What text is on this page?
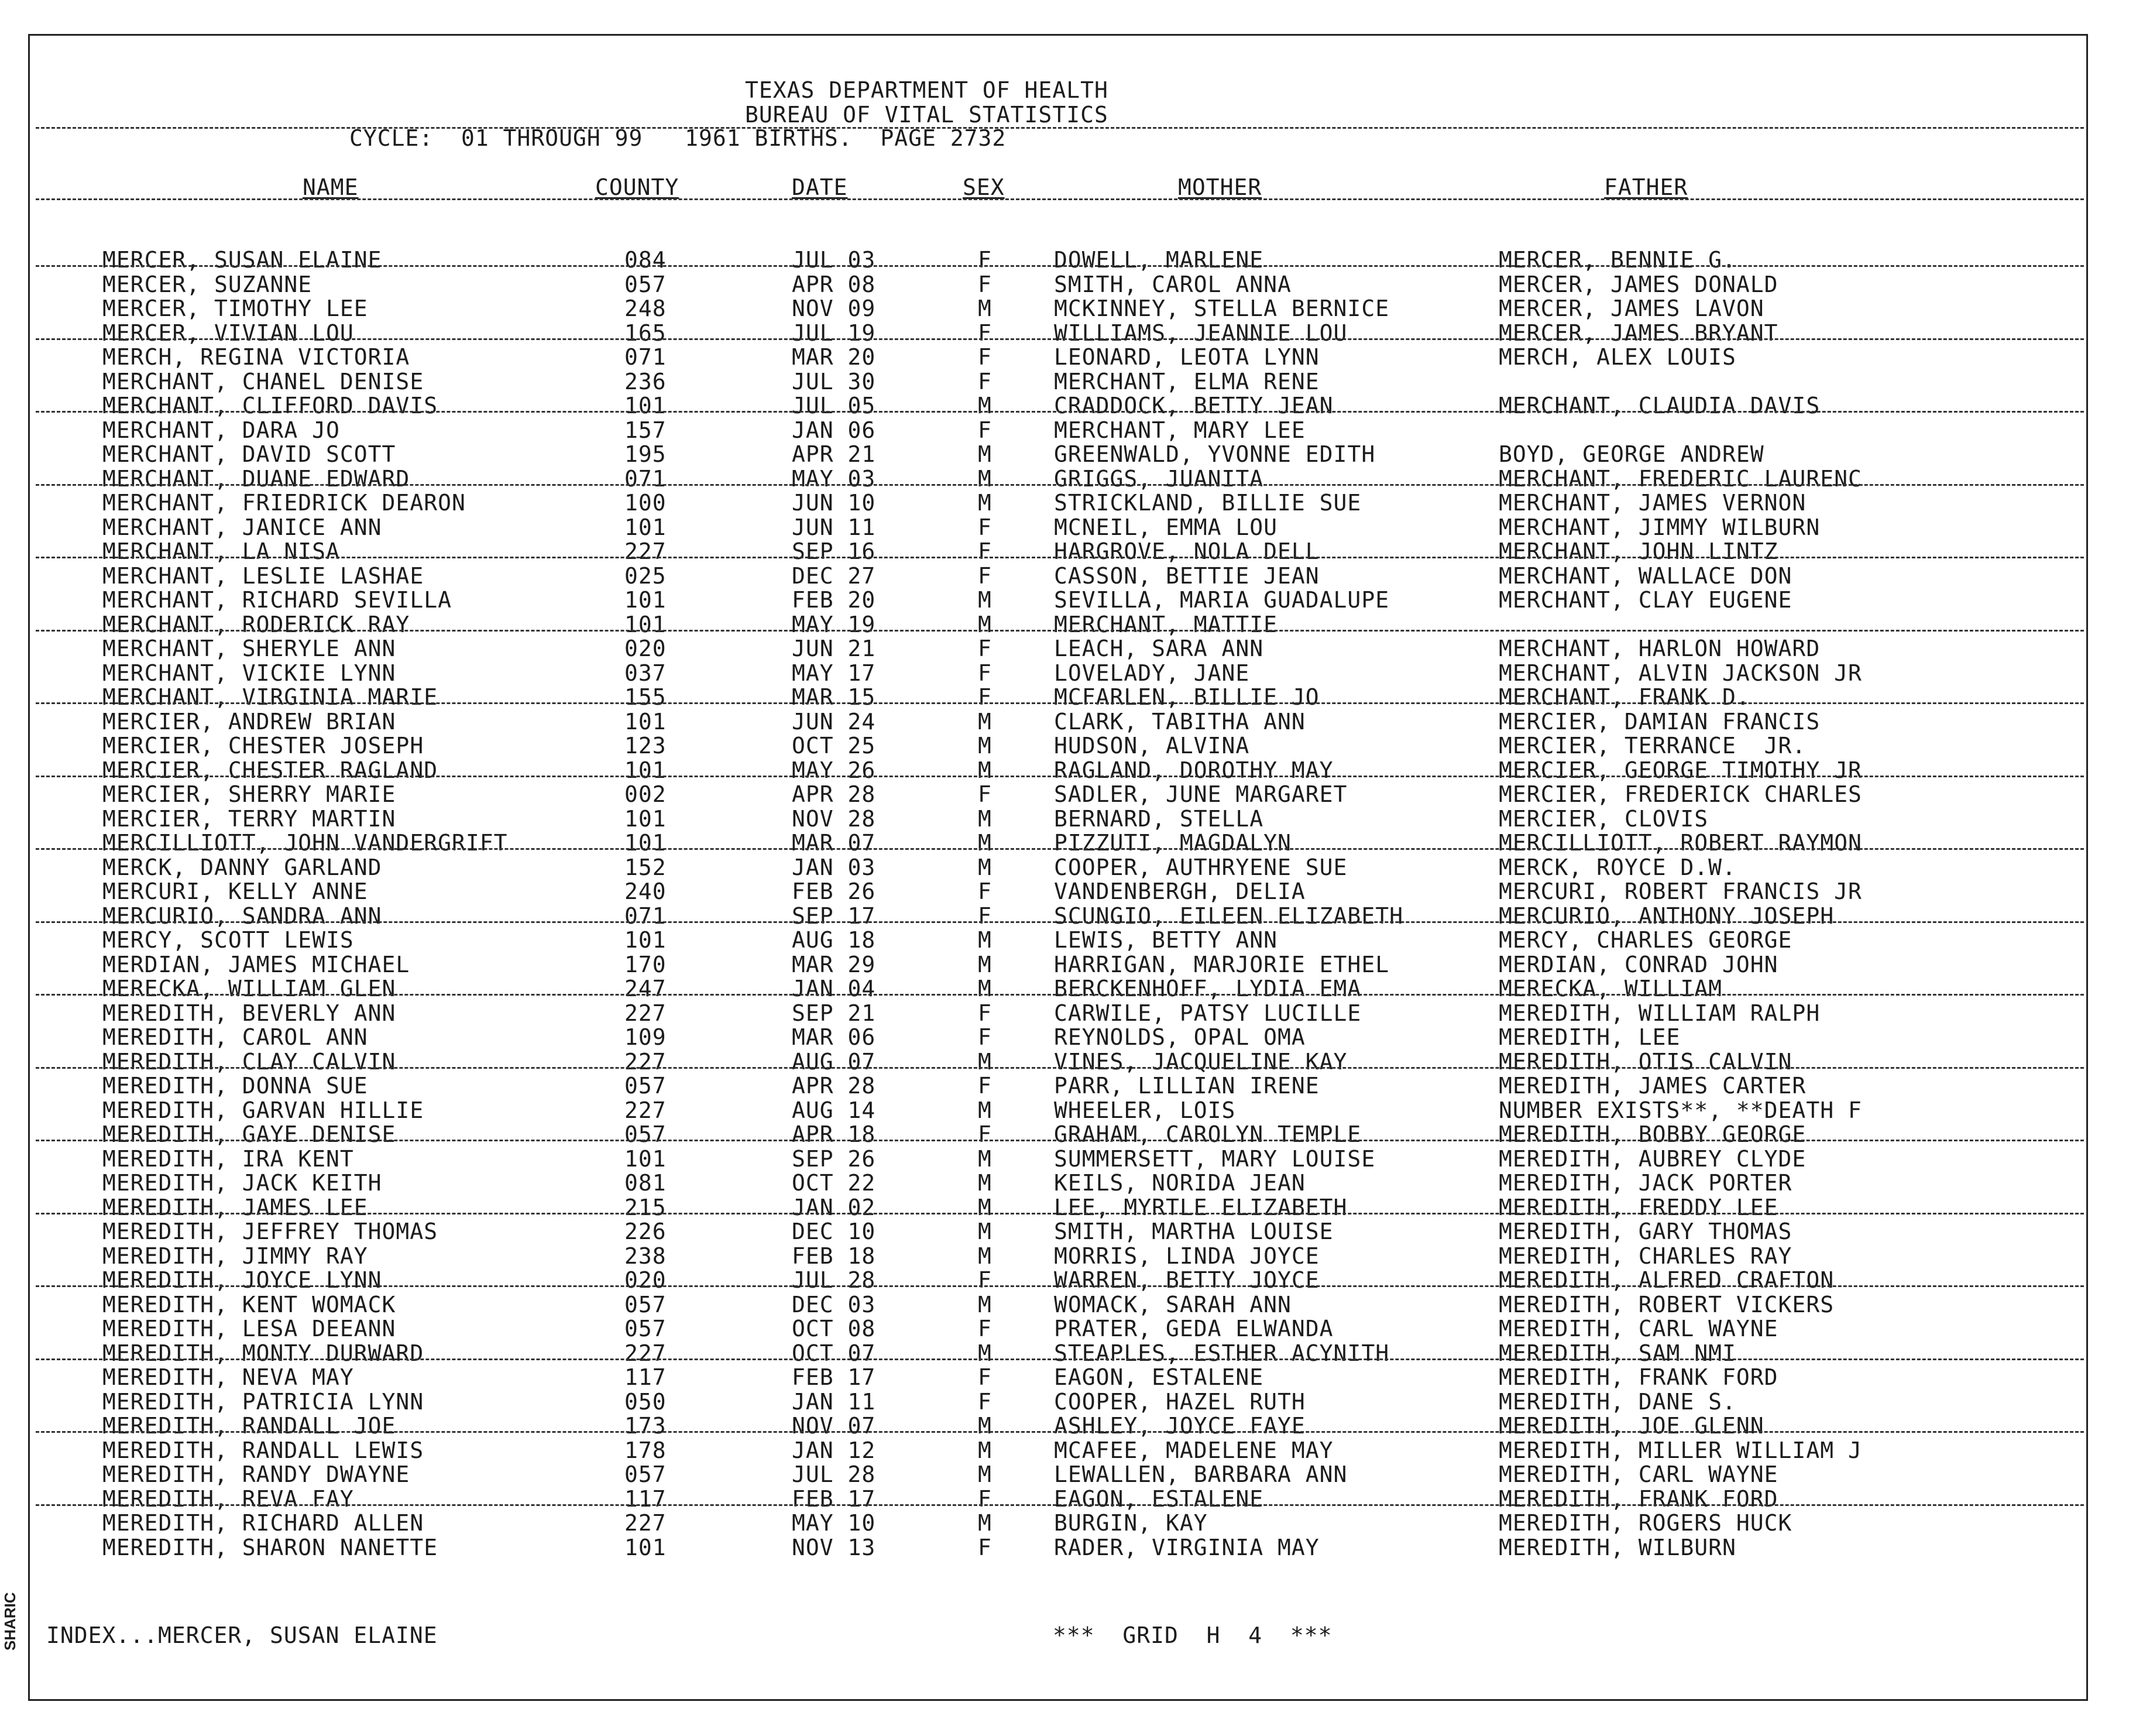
TEXAS DEPARTMENT OF HEALTH
BUREAU OF VITAL STATISTICS
CYCLE:  01 THROUGH 99   1961 BIRTHS.  PAGE 2732
NAME	COUNTY	DATE	SEX	MOTHER	FATHER
MERCER, SUSAN ELAINE	084	JUL 03	F	DOWELL, MARLENE	MERCER, BENNIE G.
MERCER, SUZANNE	057	APR 08	F	SMITH, CAROL ANNA	MERCER, JAMES DONALD
MERCER, TIMOTHY LEE	248	NOV 09	M	MCKINNEY, STELLA BERNICE	MERCER, JAMES LAVON
MERCER, VIVIAN LOU	165	JUL 19	F	WILLIAMS, JEANNIE LOU	MERCER, JAMES BRYANT
MERCH, REGINA VICTORIA	071	MAR 20	F	LEONARD, LEOTA LYNN	MERCH, ALEX LOUIS
MERCHANT, CHANEL DENISE	236	JUL 30	F	MERCHANT, ELMA RENE
MERCHANT, CLIFFORD DAVIS	101	JUL 05	M	CRADDOCK, BETTY JEAN	MERCHANT, CLAUDIA DAVIS
MERCHANT, DARA JO	157	JAN 06	F	MERCHANT, MARY LEE
MERCHANT, DAVID SCOTT	195	APR 21	M	GREENWALD, YVONNE EDITH	BOYD, GEORGE ANDREW
MERCHANT, DUANE EDWARD	071	MAY 03	M	GRIGGS, JUANITA	MERCHANT, FREDERIC LAURENC
MERCHANT, FRIEDRICK DEARON	100	JUN 10	M	STRICKLAND, BILLIE SUE	MERCHANT, JAMES VERNON
MERCHANT, JANICE ANN	101	JUN 11	F	MCNEIL, EMMA LOU	MERCHANT, JIMMY WILBURN
MERCHANT, LA NISA	227	SEP 16	F	HARGROVE, NOLA DELL	MERCHANT, JOHN LINTZ
MERCHANT, LESLIE LASHAE	025	DEC 27	F	CASSON, BETTIE JEAN	MERCHANT, WALLACE DON
MERCHANT, RICHARD SEVILLA	101	FEB 20	M	SEVILLA, MARIA GUADALUPE	MERCHANT, CLAY EUGENE
MERCHANT, RODERICK RAY	101	MAY 19	M	MERCHANT, MATTIE
MERCHANT, SHERYLE ANN	020	JUN 21	F	LEACH, SARA ANN	MERCHANT, HARLON HOWARD
MERCHANT, VICKIE LYNN	037	MAY 17	F	LOVELADY, JANE	MERCHANT, ALVIN JACKSON JR
MERCHANT, VIRGINIA MARIE	155	MAR 15	F	MCFARLEN, BILLIE JO	MERCHANT, FRANK D.
MERCIER, ANDREW BRIAN	101	JUN 24	M	CLARK, TABITHA ANN	MERCIER, DAMIAN FRANCIS
MERCIER, CHESTER JOSEPH	123	OCT 25	M	HUDSON, ALVINA	MERCIER, TERRANCE  JR.
MERCIER, CHESTER RAGLAND	101	MAY 26	M	RAGLAND, DOROTHY MAY	MERCIER, GEORGE TIMOTHY JR
MERCIER, SHERRY MARIE	002	APR 28	F	SADLER, JUNE MARGARET	MERCIER, FREDERICK CHARLES
MERCIER, TERRY MARTIN	101	NOV 28	M	BERNARD, STELLA	MERCIER, CLOVIS
MERCILLIOTT, JOHN VANDERGRIFT	101	MAR 07	M	PIZZUTI, MAGDALYN	MERCILLIOTT, ROBERT RAYMON
MERCK, DANNY GARLAND	152	JAN 03	M	COOPER, AUTHRYENE SUE	MERCK, ROYCE D.W.
MERCURI, KELLY ANNE	240	FEB 26	F	VANDENBERGH, DELIA	MERCURI, ROBERT FRANCIS JR
MERCURIO, SANDRA ANN	071	SEP 17	F	SCUNGIO, EILEEN ELIZABETH	MERCURIO, ANTHONY JOSEPH
MERCY, SCOTT LEWIS	101	AUG 18	M	LEWIS, BETTY ANN	MERCY, CHARLES GEORGE
MERDIAN, JAMES MICHAEL	170	MAR 29	M	HARRIGAN, MARJORIE ETHEL	MERDIAN, CONRAD JOHN
MERECKA, WILLIAM GLEN	247	JAN 04	M	BERCKENHOFF, LYDIA EMA	MERECKA, WILLIAM
MEREDITH, BEVERLY ANN	227	SEP 21	F	CARWILE, PATSY LUCILLE	MEREDITH, WILLIAM RALPH
MEREDITH, CAROL ANN	109	MAR 06	F	REYNOLDS, OPAL OMA	MEREDITH, LEE
MEREDITH, CLAY CALVIN	227	AUG 07	M	VINES, JACQUELINE KAY	MEREDITH, OTIS CALVIN
MEREDITH, DONNA SUE	057	APR 28	F	PARR, LILLIAN IRENE	MEREDITH, JAMES CARTER
MEREDITH, GARVAN HILLIE	227	AUG 14	M	WHEELER, LOIS	NUMBER EXISTS**, **DEATH F
MEREDITH, GAYE DENISE	057	APR 18	F	GRAHAM, CAROLYN TEMPLE	MEREDITH, BOBBY GEORGE
MEREDITH, IRA KENT	101	SEP 26	M	SUMMERSETT, MARY LOUISE	MEREDITH, AUBREY CLYDE
MEREDITH, JACK KEITH	081	OCT 22	M	KEILS, NORIDA JEAN	MEREDITH, JACK PORTER
MEREDITH, JAMES LEE	215	JAN 02	M	LEE, MYRTLE ELIZABETH	MEREDITH, FREDDY LEE
MEREDITH, JEFFREY THOMAS	226	DEC 10	M	SMITH, MARTHA LOUISE	MEREDITH, GARY THOMAS
MEREDITH, JIMMY RAY	238	FEB 18	M	MORRIS, LINDA JOYCE	MEREDITH, CHARLES RAY
MEREDITH, JOYCE LYNN	020	JUL 28	F	WARREN, BETTY JOYCE	MEREDITH, ALFRED CRAFTON
MEREDITH, KENT WOMACK	057	DEC 03	M	WOMACK, SARAH ANN	MEREDITH, ROBERT VICKERS
MEREDITH, LESA DEEANN	057	OCT 08	F	PRATER, GEDA ELWANDA	MEREDITH, CARL WAYNE
MEREDITH, MONTY DURWARD	227	OCT 07	M	STEAPLES, ESTHER ACYNITH	MEREDITH, SAM NMI
MEREDITH, NEVA MAY	117	FEB 17	F	EAGON, ESTALENE	MEREDITH, FRANK FORD
MEREDITH, PATRICIA LYNN	050	JAN 11	F	COOPER, HAZEL RUTH	MEREDITH, DANE S.
MEREDITH, RANDALL JOE	173	NOV 07	M	ASHLEY, JOYCE FAYE	MEREDITH, JOE GLENN
MEREDITH, RANDALL LEWIS	178	JAN 12	M	MCAFEE, MADELENE MAY	MEREDITH, MILLER WILLIAM J
MEREDITH, RANDY DWAYNE	057	JUL 28	M	LEWALLEN, BARBARA ANN	MEREDITH, CARL WAYNE
MEREDITH, REVA FAY	117	FEB 17	F	EAGON, ESTALENE	MEREDITH, FRANK FORD
MEREDITH, RICHARD ALLEN	227	MAY 10	M	BURGIN, KAY	MEREDITH, ROGERS HUCK
MEREDITH, SHARON NANETTE	101	NOV 13	F	RADER, VIRGINIA MAY	MEREDITH, WILBURN
INDEX...MERCER, SUSAN ELAINE	***  GRID  H  4  ***
SHARIC
